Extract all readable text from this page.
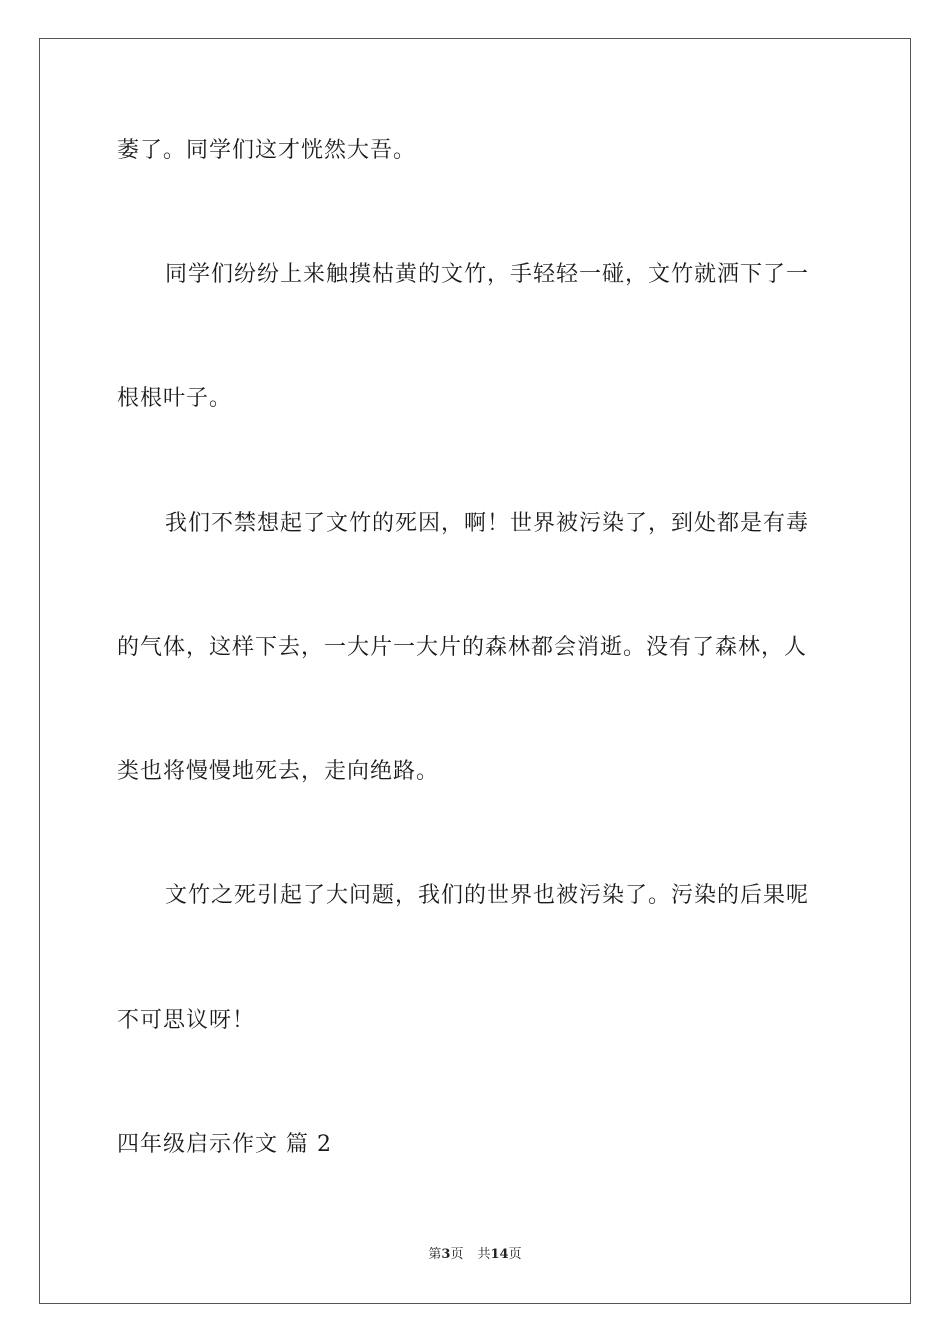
萎了。同学们这才恍然大吾。
同学们纷纷上来触摸枯黄的文竹，手轻轻一碰，文竹就洒下了一
根根叶子。
我们不禁想起了文竹的死因，啊！世界被污染了，到处都是有毒
的气体，这样下去，一大片一大片的森林都会消逝。没有了森林，人
类也将慢慢地死去，走向绝路。
文竹之死引起了大问题，我们的世界也被污染了。污染的后果呢
不可思议呀！
四年级启示作文 篇 2
第3页 共14页
